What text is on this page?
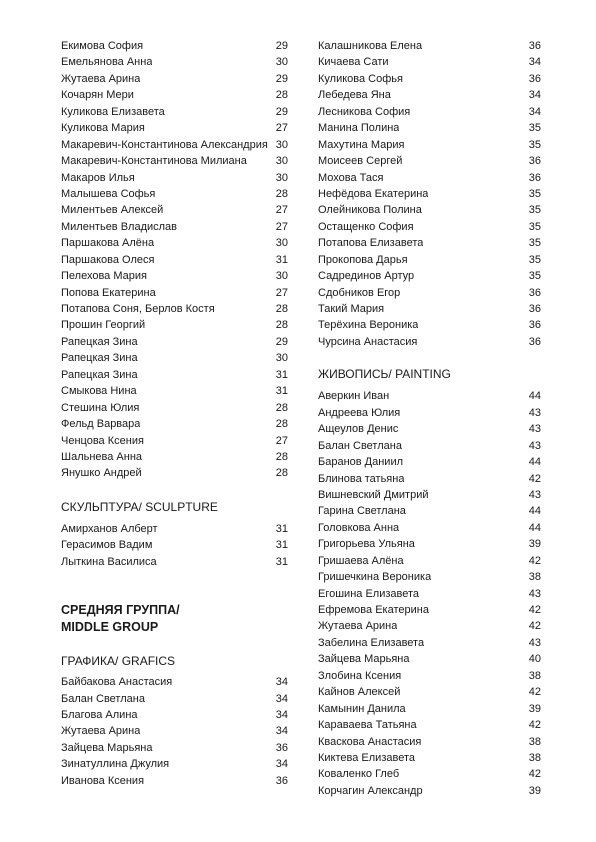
Екимова София	29
Емельянова Анна	30
Жутаева Арина	29
Кочарян Мери	28
Куликова Елизавета	29
Куликова Мария	27
Макаревич-Константинова Александрия 30
Макаревич-Константинова Милиана	30
Макаров Илья	30
Малышева Софья	28
Милентьев Алексей	27
Милентьев Владислав	27
Паршакова Алёна	30
Паршакова Олеся	31
Пелехова Мария	30
Попова Екатерина	27
Потапова Соня, Берлов Костя	28
Прошин Георгий	28
Рапецкая Зина	29
Рапецкая Зина	30
Рапецкая Зина	31
Смыкова Нина	31
Стешина Юлия	28
Фельд Варвара	28
Ченцова Ксения	27
Шальнева Анна	28
Янушко Андрей	28
СКУЛЬПТУРА/ SCULPTURE
Амирханов Алберт	31
Герасимов Вадим	31
Лыткина Василиса	31
СРЕДНЯЯ ГРУППА/
MIDDLE GROUP
ГРАФИКА/ GRAFICS
Байбакова Анастасия	34
Балан Светлана	34
Благова Алина	34
Жутаева Арина	34
Зайцева Марьяна	36
Зинатуллина Джулия	34
Иванова Ксения	36
Калашникова Елена	36
Кичаева Сати	34
Куликова Софья	36
Лебедева Яна	34
Лесникова София	34
Манина Полина	35
Махутина Мария	35
Моисеев Сергей	36
Мохова Тася	36
Нефёдова Екатерина	35
Олейникова Полина	35
Остащенко София	35
Потапова Елизавета	35
Прокопова Дарья	35
Садрединов Артур	35
Сдобников Егор	36
Такий Мария	36
Терёхина Вероника	36
Чурсина Анастасия	36
ЖИВОПИСЬ/ PAINTING
Аверкин Иван	44
Андреева Юлия	43
Ащеулов Денис	43
Балан Светлана	43
Баранов Даниил	44
Блинова татьяна	42
Вишневский Дмитрий	43
Гарина Светлана	44
Головкова Анна	44
Григорьева Ульяна	39
Гришаева Алёна	42
Гришечкина Вероника	38
Егошина Елизавета	43
Ефремова Екатерина	42
Жутаева Арина	42
Забелина Елизавета	43
Зайцева Марьяна	40
Злобина Ксения	38
Кайнов Алексей	42
Камынин Данила	39
Караваева Татьяна	42
Кваскова Анастасия	38
Киктева Елизавета	38
Коваленко Глеб	42
Корчагин Александр	39
